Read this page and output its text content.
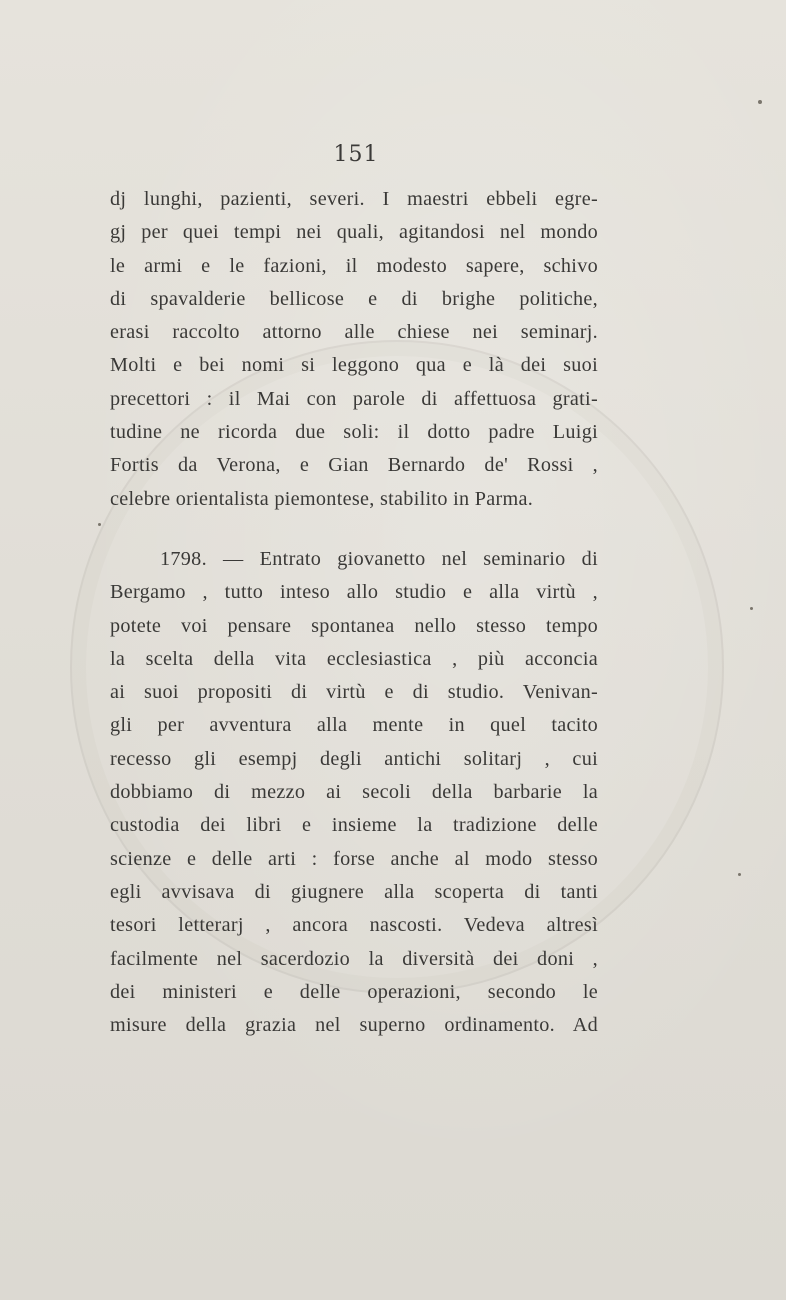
151
dj lunghi, pazienti, severi. I maestri ebbeli egre-
gj per quei tempi nei quali, agitandosi nel mondo
le armi e le fazioni, il modesto sapere, schivo
di spavalderie bellicose e di brighe politiche,
erasi raccolto attorno alle chiese nei seminarj.
Molti e bei nomi si leggono qua e là dei suoi
precettori : il Mai con parole di affettuosa grati-
tudine ne ricorda due soli: il dotto padre Luigi
Fortis da Verona, e Gian Bernardo de' Rossi ,
celebre orientalista piemontese, stabilito in Parma.
1798. — Entrato giovanetto nel seminario di
Bergamo , tutto inteso allo studio e alla virtù ,
potete voi pensare spontanea nello stesso tempo
la scelta della vita ecclesiastica , più acconcia
ai suoi propositi di virtù e di studio. Venivan-
gli per avventura alla mente in quel tacito
recesso gli esempj degli antichi solitarj , cui
dobbiamo di mezzo ai secoli della barbarie la
custodia dei libri e insieme la tradizione delle
scienze e delle arti : forse anche al modo stesso
egli avvisava di giugnere alla scoperta di tanti
tesori letterarj , ancora nascosti. Vedeva altresì
facilmente nel sacerdozio la diversità dei doni ,
dei ministeri e delle operazioni, secondo le
misure della grazia nel superno ordinamento. Ad
